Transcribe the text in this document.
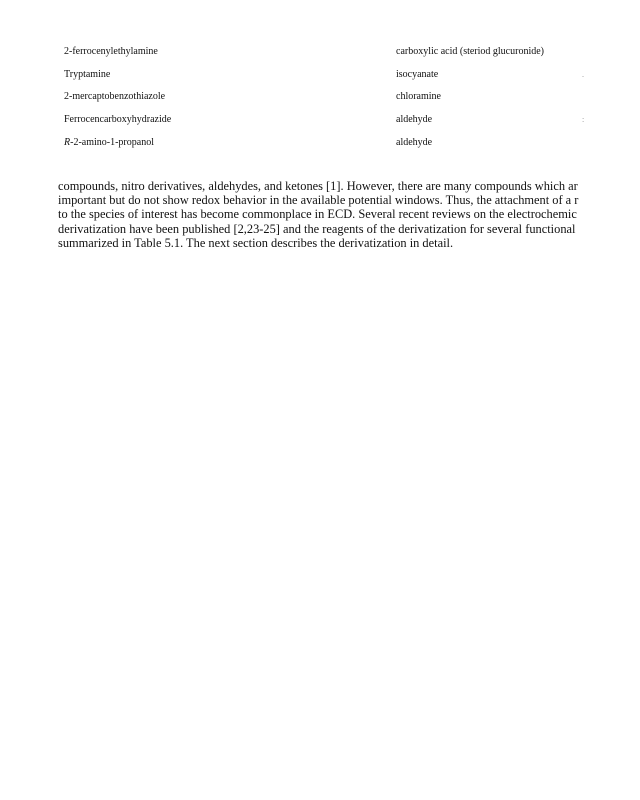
2-ferrocenylethylamine	carboxylic acid (steriod glucuronide)
Tryptamine	isocyanate	.
2-mercaptobenzothiazole	chloramine
Ferrocencarboxyhydrazide	aldehyde	:
R-2-amino-1-propanol	aldehyde
compounds, nitro derivatives, aldehydes, and ketones [1]. However, there are many compounds which ar
important but do not show redox behavior in the available potential windows. Thus, the attachment of a r
to the species of interest has become commonplace in ECD. Several recent reviews on the electrochemic
derivatization have been published [2,23-25] and the reagents of the derivatization for several functional
summarized in Table 5.1. The next section describes the derivatization in detail.
